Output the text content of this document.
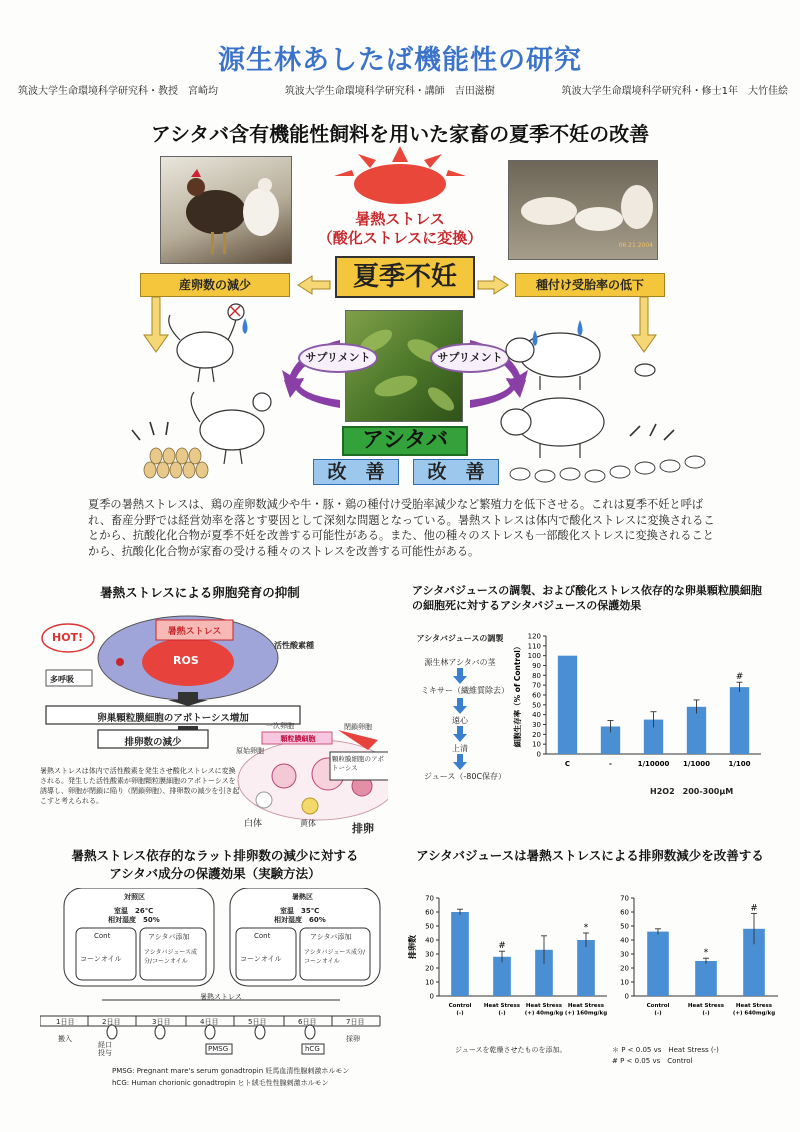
源生林あしたば機能性の研究
筑波大学生命環境科学研究科・教授　宮崎均	筑波大学生命環境科学研究科・講師　吉田滋樹	筑波大学生命環境科学研究科・修士1年　大竹佳絵
アシタバ含有機能性飼料を用いた家畜の夏季不妊の改善
06.21.2004
暑熱ストレス
（酸化ストレスに変換）
夏季不妊
産卵数の減少	種付け受胎率の低下
サプリメント	サプリメント
アシタバ
改　善	改　善
夏季の暑熱ストレスは、鶏の産卵数減少や牛・豚・鶏の種付け受胎率減少など繁殖力を低下させる。これは夏季不妊と呼ばれ、畜産分野では経営効率を落とす要因として深刻な問題となっている。暑熱ストレスは体内で酸化ストレスに変換されることから、抗酸化化合物が夏季不妊を改善する可能性がある。また、他の種々のストレスも一部酸化ストレスに変換されることから、抗酸化化合物が家畜の受ける種々のストレスを改善する可能性がある。
暑熱ストレスによる卵胞発育の抑制
HOT!	暑熱ストレス
ROS
活性酸素種
多呼吸
卵巣顆粒膜細胞のアポトーシス増加
排卵数の減少
一次卵胞
顆粒膜細胞
閉鎖卵胞
原始卵胞
顆粒膜細胞のアポトーシス
白体	黄体	排卵
暑熱ストレスは体内で活性酸素を発生させ酸化ストレスに変換される。発生した活性酸素が卵胞顆粒膜細胞のアポトーシスを誘導し、卵胞が閉鎖に陥り（閉鎖卵胞）、排卵数の減少を引き起こすと考えられる。
アシタバジュースの調製、および酸化ストレス依存的な卵巣顆粒膜細胞の細胞死に対するアシタバジュースの保護効果
アシタバジュースの調製
源生林アシタバの茎
ミキサー（繊維質除去）
遠心
上清
ジュース（-80C保存）
0
10
20
30
40
50
60
70
80
90
100
110
120
C	-	1/10000 1/1000
#
1/100
細胞生存率（% of Control）
H2O2　200-300μM
暑熱ストレス依存的なラット排卵数の減少に対する
アシタバ成分の保護効果（実験方法）
対照区	暑熱区
室温　26℃
相対湿度　50%
室温　35℃
相対湿度　60%
Cont	アシタバ添加	Cont	アシタバ添加
コーンオイル
アシタバジュース成分/コーンオイル	コーンオイル
アシタバジュース成分/コーンオイル
暑熱ストレス
1日目	2日目	3日目	4日目	5日目	6日目	7日目
搬入
経口投与	PMSG	hCG
採卵
PMSG: Pregnant mare's serum gonadtropin 妊馬血清性腺刺激ホルモン
hCG: Human chorionic gonadtropin ヒト絨毛性性腺刺激ホルモン
アシタバジュースは暑熱ストレスによる排卵数減少を改善する
0
10
20
30
40
50
60
70
Control
(-)
#
Heat Stress
(-)
Heat Stress
(+) 40mg/kg
*
Heat Stress
(+) 160mg/kg
排卵数
0
10
20
30
40
50
60
70
Control
(-)
*
Heat Stress
(-)
#
Heat Stress
(+) 640mg/kg
ジュースを乾燥させたものを添加。	＊ P < 0.05 vs　Heat Stress (-)
# P < 0.05 vs　Control
